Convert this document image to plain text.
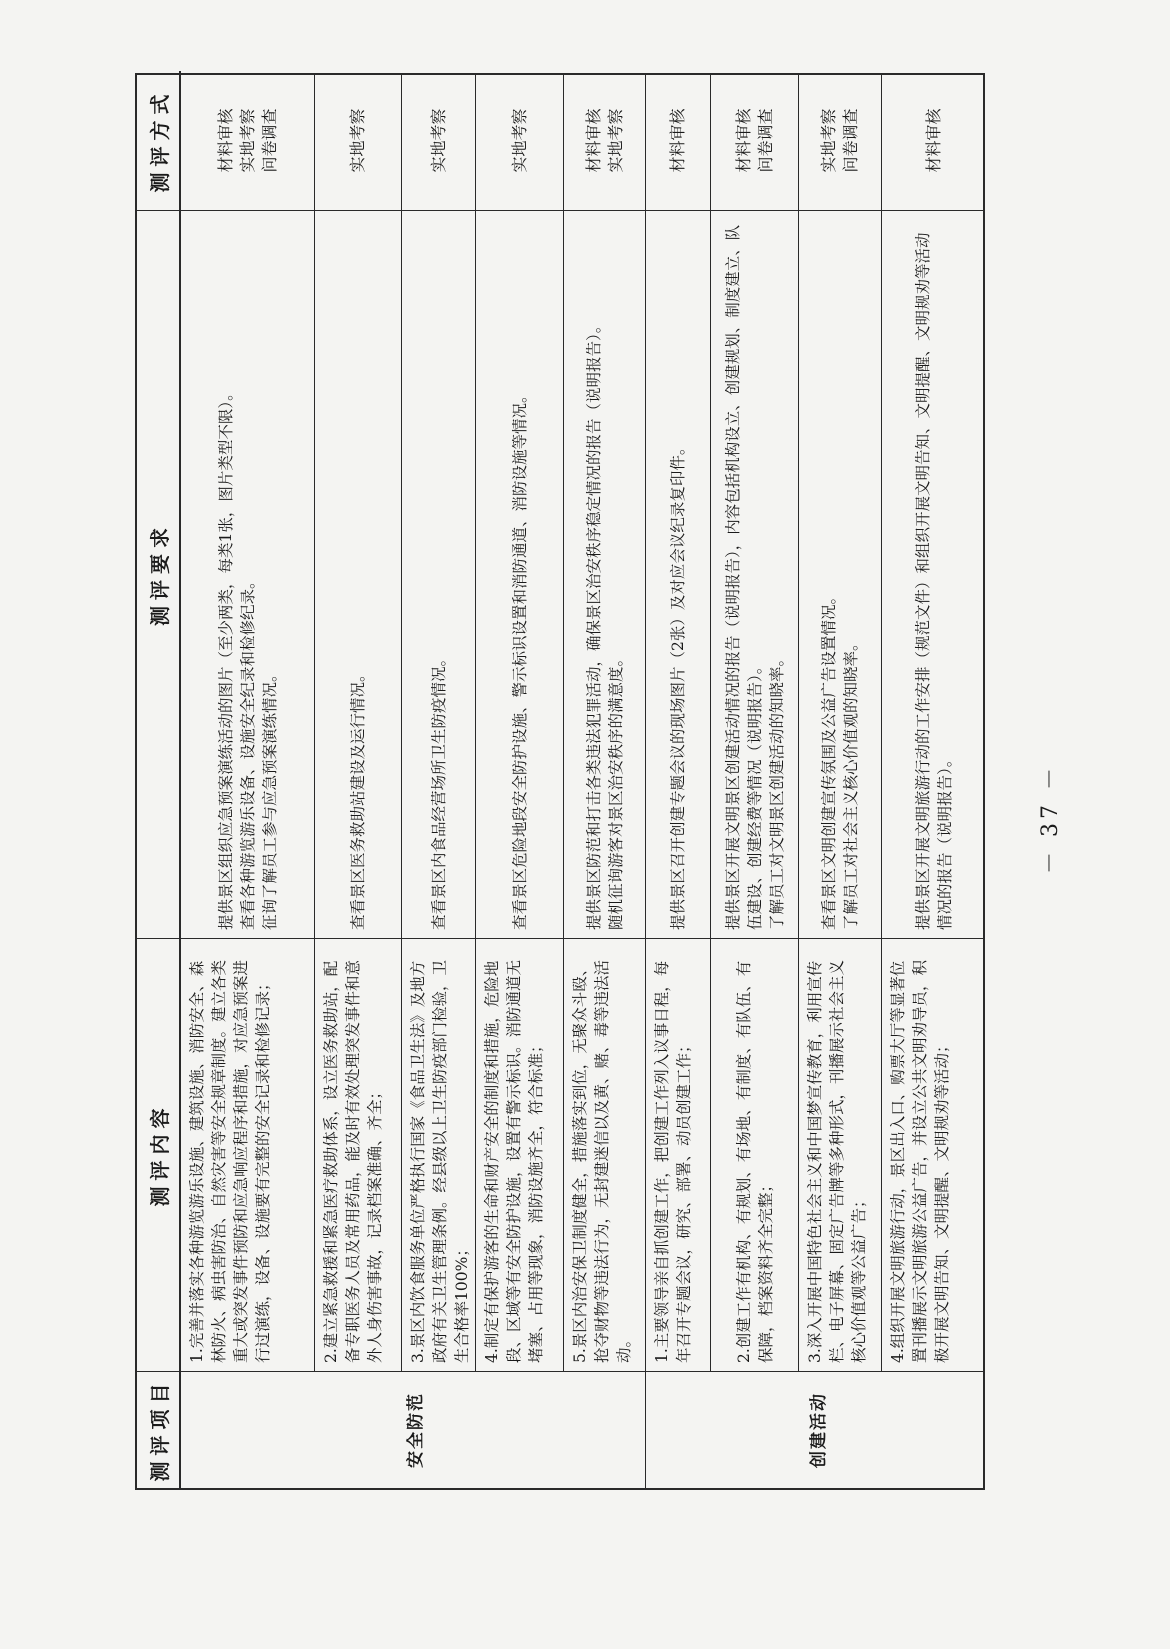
测评项目
测评内容
测评要求
测评方式
安全防范	创建活动
1.完善并落实各种游览游乐设施、建筑设施、消防安全、森林防火、病虫害防治、自然灾害等安全规章制度。建立各类重大或突发事件预防和应急响应程序和措施，对应急预案进行过演练，设备、设施要有完整的安全记录和检修记录；
提供景区组织应急预案演练活动的图片（至少两类，每类1张，图片类型不限）。
查看各种游览游乐设备、设施安全纪录和检修纪录。
征询了解员工参与应急预案演练情况。
材料审核
实地考察
问卷调查
2.建立紧急救援和紧急医疗救助体系，设立医务救助站，配备专职医务人员及常用药品，能及时有效处理突发事件和意外人身伤害事故，记录档案准确、齐全；
查看景区医务救助站建设及运行情况。
实地考察
3.景区内饮食服务单位严格执行国家《食品卫生法》及地方政府有关卫生管理条例。经县级以上卫生防疫部门检验，卫生合格率100%；
查看景区内食品经营场所卫生防疫情况。
实地考察
4.制定有保护游客的生命和财产安全的制度和措施，危险地段、区域等有安全防护设施，设置有警示标识。消防通道无堵塞、占用等现象，消防设施齐全，符合标准；
查看景区危险地段安全防护设施、警示标识设置和消防通道、消防设施等情况。
实地考察
5.景区内治安保卫制度健全，措施落实到位，无聚众斗殴、抢夺财物等违法行为，无封建迷信以及黄、赌、毒等违法活动。
提供景区防范和打击各类违法犯罪活动，确保景区治安秩序稳定情况的报告（说明报告）。
随机征询游客对景区治安秩序的满意度。
材料审核
实地考察
1.主要领导亲自抓创建工作，把创建工作列入议事日程，每年召开专题会议，研究、部署、动员创建工作；
提供景区召开创建专题会议的现场图片（2张）及对应会议纪录复印件。
材料审核
2.创建工作有机构、有规划、有场地、有制度、有队伍、有保障，档案资料齐全完整；
提供景区开展文明景区创建活动情况的报告（说明报告），内容包括机构设立、创建规划、制度建立、队伍建设、创建经费等情况（说明报告）。
了解员工对文明景区创建活动的知晓率。
材料审核
问卷调查
3.深入开展中国特色社会主义和中国梦宣传教育，利用宣传栏、电子屏幕、固定广告牌等多种形式，刊播展示社会主义核心价值观等公益广告；
查看景区文明创建宣传氛围及公益广告设置情况。
了解员工对社会主义核心价值观的知晓率。
实地考察
问卷调查
4.组织开展文明旅游行动，景区出入口、购票大厅等显著位置刊播展示文明旅游公益广告，并设立公共文明劝导员，积极开展文明告知、文明提醒、文明规劝等活动；
提供景区开展文明旅游行动的工作安排（规范文件）和组织开展文明告知、文明提醒、文明规劝等活动情况的报告（说明报告）。
材料审核
－ 37 －
